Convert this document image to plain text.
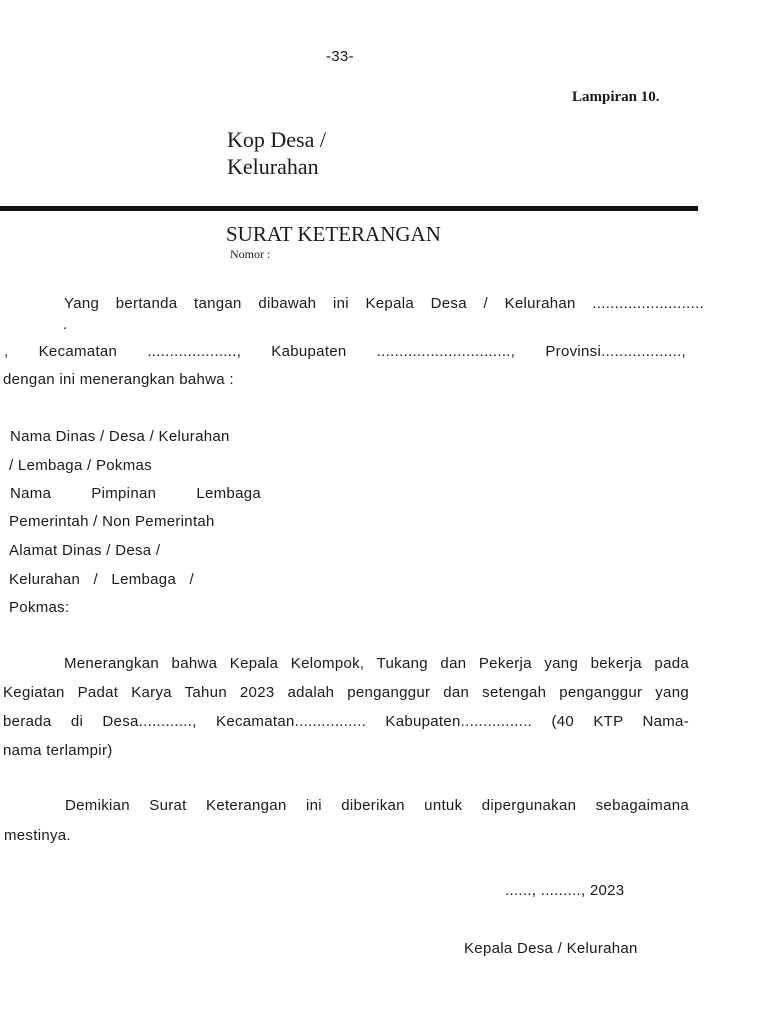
-33-
Lampiran 10.
Kop Desa /
Kelurahan
SURAT KETERANGAN
Nomor :
Yang bertanda tangan dibawah ini Kepala Desa / Kelurahan .........................
.
, Kecamatan ...................., Kabupaten .............................., Provinsi..................,
dengan ini menerangkan bahwa :
Nama Dinas / Desa / Kelurahan
/ Lembaga / Pokmas
Nama Pimpinan Lembaga
Pemerintah / Non Pemerintah
Alamat Dinas / Desa /
Kelurahan / Lembaga /
Pokmas:
Menerangkan bahwa Kepala Kelompok, Tukang dan Pekerja yang bekerja pada
Kegiatan Padat Karya Tahun 2023 adalah penganggur dan setengah penganggur yang
berada di Desa............, Kecamatan................ Kabupaten................ (40 KTP Nama-
nama terlampir)
Demikian Surat Keterangan ini diberikan untuk dipergunakan sebagaimana
mestinya.
......, ........., 2023
Kepala Desa / Kelurahan
